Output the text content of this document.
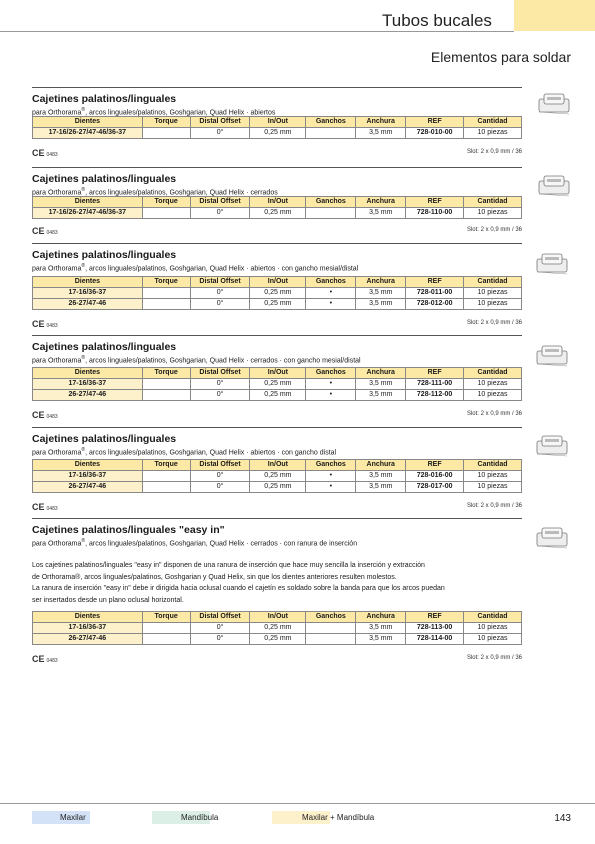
Tubos bucales
Elementos para soldar
Cajetines palatinos/linguales
para Orthorama®, arcos linguales/palatinos, Goshgarian, Quad Helix · abiertos
Dientes	Torque	Distal Offset	In/Out	Ganchos	Anchura	REF	Cantidad
17-16/26-27/47-46/36-37		0°	0,25 mm		3,5 mm	728-010-00	10 piezas
CE 0483	Slot: 2 x 0,9 mm / 36
Cajetines palatinos/linguales
para Orthorama®, arcos linguales/palatinos, Goshgarian, Quad Helix · cerrados
Dientes	Torque	Distal Offset	In/Out	Ganchos	Anchura	REF	Cantidad
17-16/26-27/47-46/36-37		0°	0,25 mm		3,5 mm	728-110-00	10 piezas
CE 0483	Slot: 2 x 0,9 mm / 36
Cajetines palatinos/linguales
para Orthorama®, arcos linguales/palatinos, Goshgarian, Quad Helix · abiertos · con gancho mesial/distal
Dientes	Torque	Distal Offset	In/Out	Ganchos	Anchura	REF	Cantidad
17-16/36-37		0°	0,25 mm	•	3,5 mm	728-011-00	10 piezas
26-27/47-46		0°	0,25 mm	•	3,5 mm	728-012-00	10 piezas
CE 0483	Slot: 2 x 0,9 mm / 36
Cajetines palatinos/linguales
para Orthorama®, arcos linguales/palatinos, Goshgarian, Quad Helix · cerrados · con gancho mesial/distal
Dientes	Torque	Distal Offset	In/Out	Ganchos	Anchura	REF	Cantidad
17-16/36-37		0°	0,25 mm	•	3,5 mm	728-111-00	10 piezas
26-27/47-46		0°	0,25 mm	•	3,5 mm	728-112-00	10 piezas
CE 0483	Slot: 2 x 0,9 mm / 36
Cajetines palatinos/linguales
para Orthorama®, arcos linguales/palatinos, Goshgarian, Quad Helix · abiertos · con gancho distal
Dientes	Torque	Distal Offset	In/Out	Ganchos	Anchura	REF	Cantidad
17-16/36-37		0°	0,25 mm	•	3,5 mm	728-016-00	10 piezas
26-27/47-46		0°	0,25 mm	•	3,5 mm	728-017-00	10 piezas
CE 0483	Slot: 2 x 0,9 mm / 36
Cajetines palatinos/linguales "easy in"
para Orthorama®, arcos linguales/palatinos, Goshgarian, Quad Helix · cerrados · con ranura de inserción
Los cajetines palatinos/linguales "easy in" disponen de una ranura de inserción que hace muy sencilla la inserción y extracción
de Orthorama®, arcos linguales/palatinos, Goshgarian y Quad Helix, sin que los dientes anteriores resulten molestos.
La ranura de inserción "easy in" debe ir dirigida hacia oclusal cuando el cajetín es soldado sobre la banda para que los arcos puedan
ser insertados desde un plano oclusal horizontal.
Dientes	Torque	Distal Offset	In/Out	Ganchos	Anchura	REF	Cantidad
17-16/36-37		0°	0,25 mm		3,5 mm	728-113-00	10 piezas
26-27/47-46		0°	0,25 mm		3,5 mm	728-114-00	10 piezas
CE 0483	Slot: 2 x 0,9 mm / 36
Maxilar	Mandíbula	Maxilar + Mandíbula	143
